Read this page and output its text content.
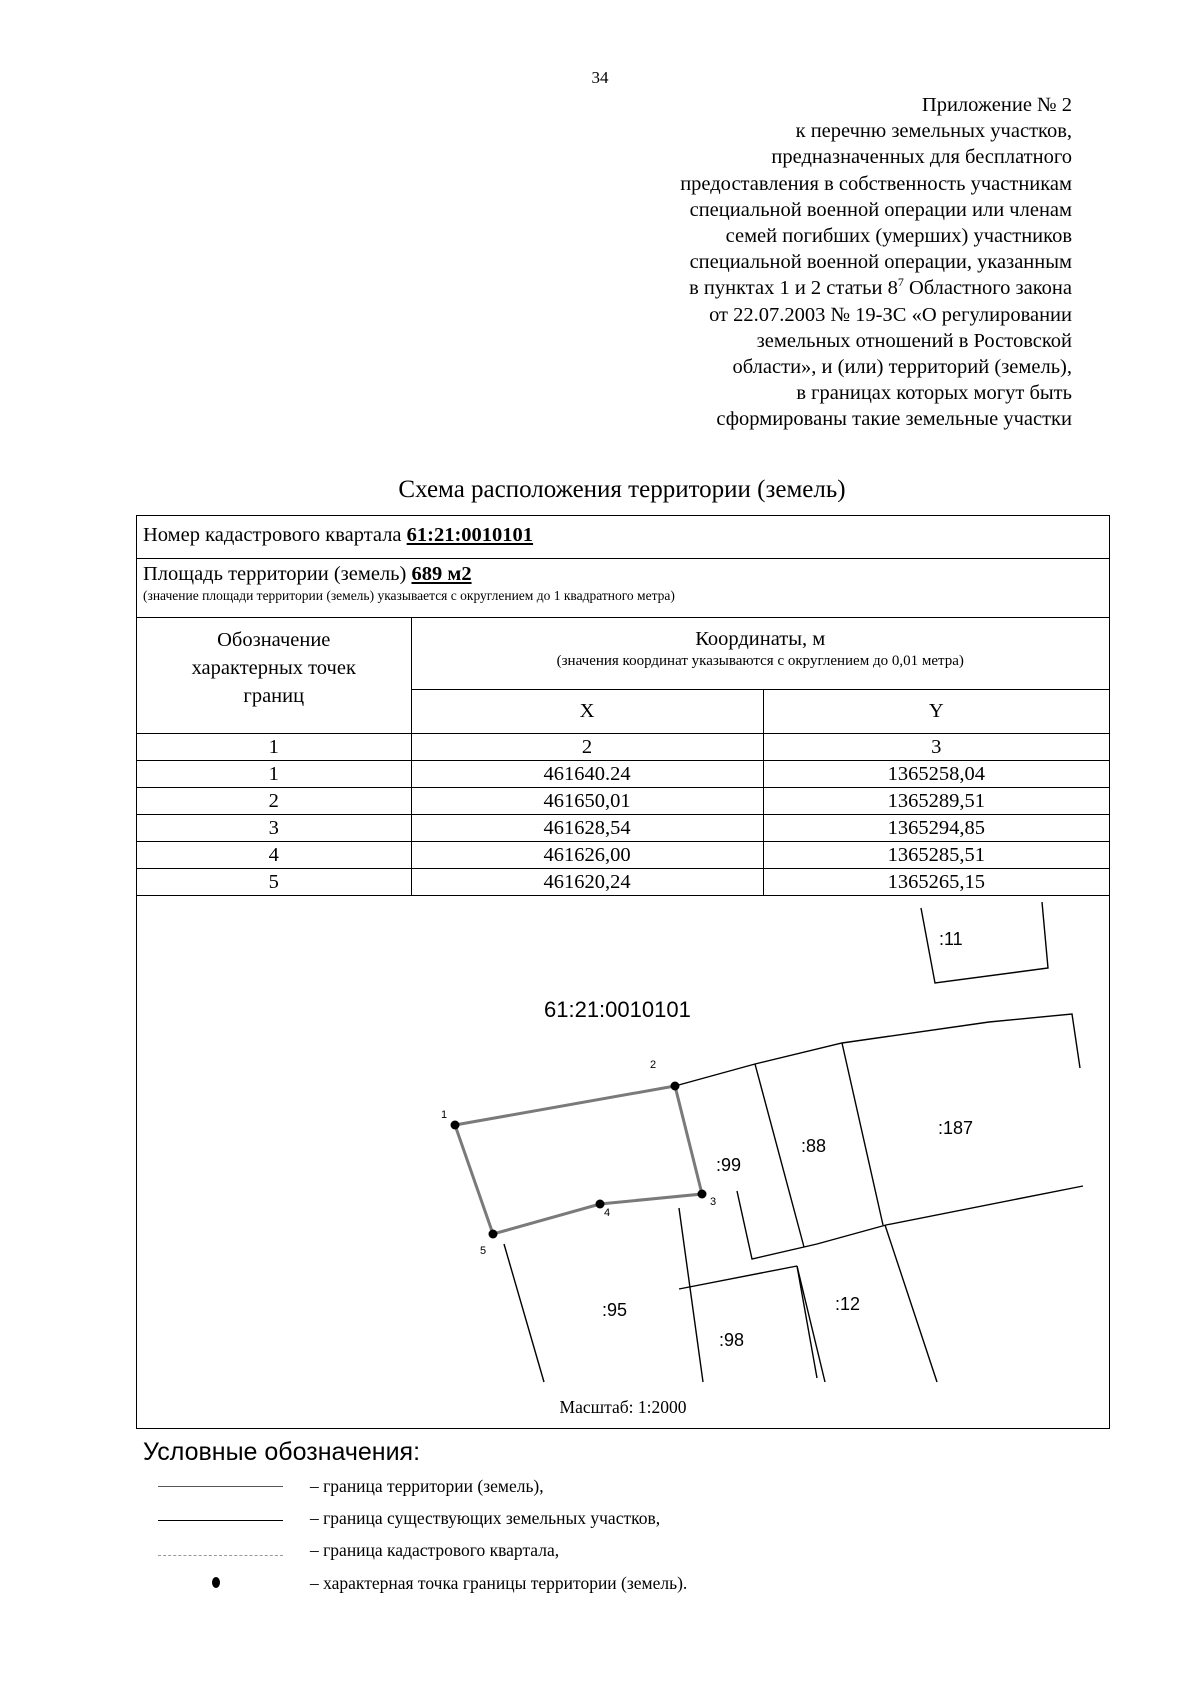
34
Приложение № 2
к перечню земельных участков,
предназначенных для бесплатного
предоставления в собственность участникам
специальной военной операции или членам
семей погибших (умерших) участников
специальной военной операции, указанным
в пунктах 1 и 2 статьи $8^7$ Областного закона
от 22.07.2003 № 19-ЗС «О регулировании
земельных отношений в Ростовской
области», и (или) территорий (земель),
в границах которых могут быть
сформированы такие земельные участки
Схема расположения территории (земель)
Номер кадастрового квартала 61:21:0010101
Площадь территории (земель) 689 м2
(значение площади территории (земель) указывается с округлением до 1 квадратного метра)
Обозначение характерных точек границ	Координаты, м
(значения координат указываются с округлением до 0,01 метра)	

	X	Y
1	2	3
1	461640.24	1365258,04
2	461650,01	1365289,51
3	461628,54	1365294,85
4	461626,00	1365285,51
5	461620,24	1365265,15
1
2
3
4
5
61:21:0010101
:11
:99
:88
:187
:95
:98
:12
Масштаб: 1:2000
Условные обозначения:
– граница территории (земель),
– граница существующих земельных участков,
– граница кадастрового квартала,
– характерная точка границы территории (земель).
